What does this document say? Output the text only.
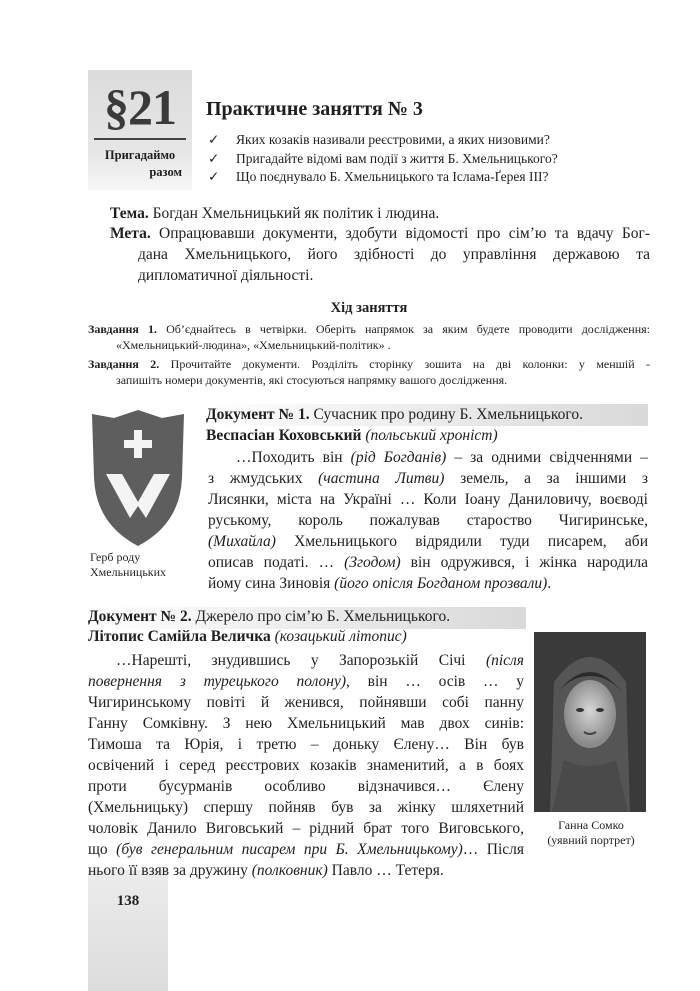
§21
Пригадаймо
разом
138
Практичне заняття № 3
✓ Яких козаків називали реєстровими, а яких низовими?
✓ Пригадайте відомі вам події з життя Б. Хмельницького?
✓ Що поєднувало Б. Хмельницького та Іслама-Ґерея III?
Тема. Богдан Хмельницький як політик і людина.
Мета. Опрацювавши документи, здобути відомості про сім’ю та вдачу Бог-
дана Хмельницького, його здібності до управління державою та
дипломатичної діяльності.
Хід заняття
Завдання 1. Об’єднайтесь в четвірки. Оберіть напрямок за яким будете проводити дослідження:
«Хмельницький-людина», «Хмельницький-політик» .
Завдання 2. Прочитайте документи. Розділіть сторінку зошита на дві колонки: у меншій -
запишіть номери документів, які стосуються напрямку вашого дослідження.
Герб роду
Хмельницьких
Документ № 1. Сучасник про родину Б. Хмельницького.
Веспасіан Коховський (польський хроніст)
…Походить він (рід Богданів) – за одними свідченнями –
з жмудських (частина Литви) земель, а за іншими з
Лисянки, міста на Україні … Коли Іоану Даниловичу, воєводі
руському, король пожалував староство Чигиринське,
(Михайла) Хмельницького відрядили туди писарем, аби
описав податі. … (Згодом) він одружився, і жінка народила
йому сина Зиновія (його опісля Богданом прозвали).
Документ № 2. Джерело про сім’ю Б. Хмельницького.
Літопис Самійла Величка (козацький літопис)
…Нарешті, знудившись у Запорозькій Січі (після
повернення з турецького полону), він … осів … у
Чигиринському повіті й женився, пойнявши собі панну
Ганну Сомківну. З нею Хмельницький мав двох синів:
Тимоша та Юрія, і третю – доньку Єлену… Він був
освічений і серед реєстрових козаків знаменитий, а в боях
проти бусурманів особливо відзначився… Єлену
(Хмельницьку) спершу пойняв був за жінку шляхетний
чоловік Данило Виговський – рідний брат того Виговського,
що (був генеральним писарем при Б. Хмельницькому)… Після
нього її взяв за дружину (полковник) Павло … Тетеря.
Ганна Сомко
(уявний портрет)
